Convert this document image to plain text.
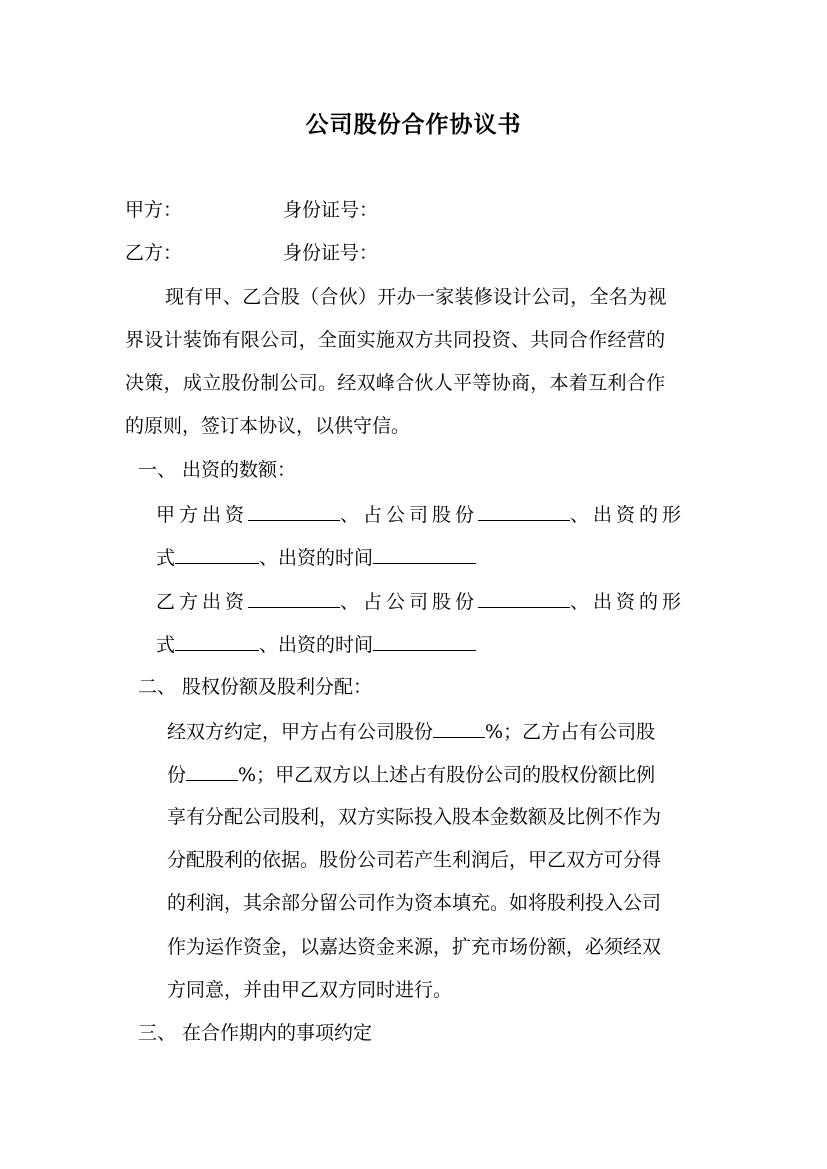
公司股份合作协议书
甲方：	身份证号：
乙方：	身份证号：
现有甲、乙合股（合伙）开办一家装修设计公司，全名为视
界设计装饰有限公司，全面实施双方共同投资、共同合作经营的
决策，成立股份制公司。经双峰合伙人平等协商，本着互利合作
的原则，签订本协议，以供守信。
一、 出资的数额：
甲方出资	、占公司股份	、出资的形
式	、出资的时间
乙方出资	、占公司股份	、出资的形
式	、出资的时间
二、 股权份额及股利分配：
经双方约定，甲方占有公司股份	%；乙方占有公司股
份	%；甲乙双方以上述占有股份公司的股权份额比例
享有分配公司股利，双方实际投入股本金数额及比例不作为
分配股利的依据。股份公司若产生利润后，甲乙双方可分得
的利润，其余部分留公司作为资本填充。如将股利投入公司
作为运作资金，以嘉达资金来源，扩充市场份额，必须经双
方同意，并由甲乙双方同时进行。
三、 在合作期内的事项约定
